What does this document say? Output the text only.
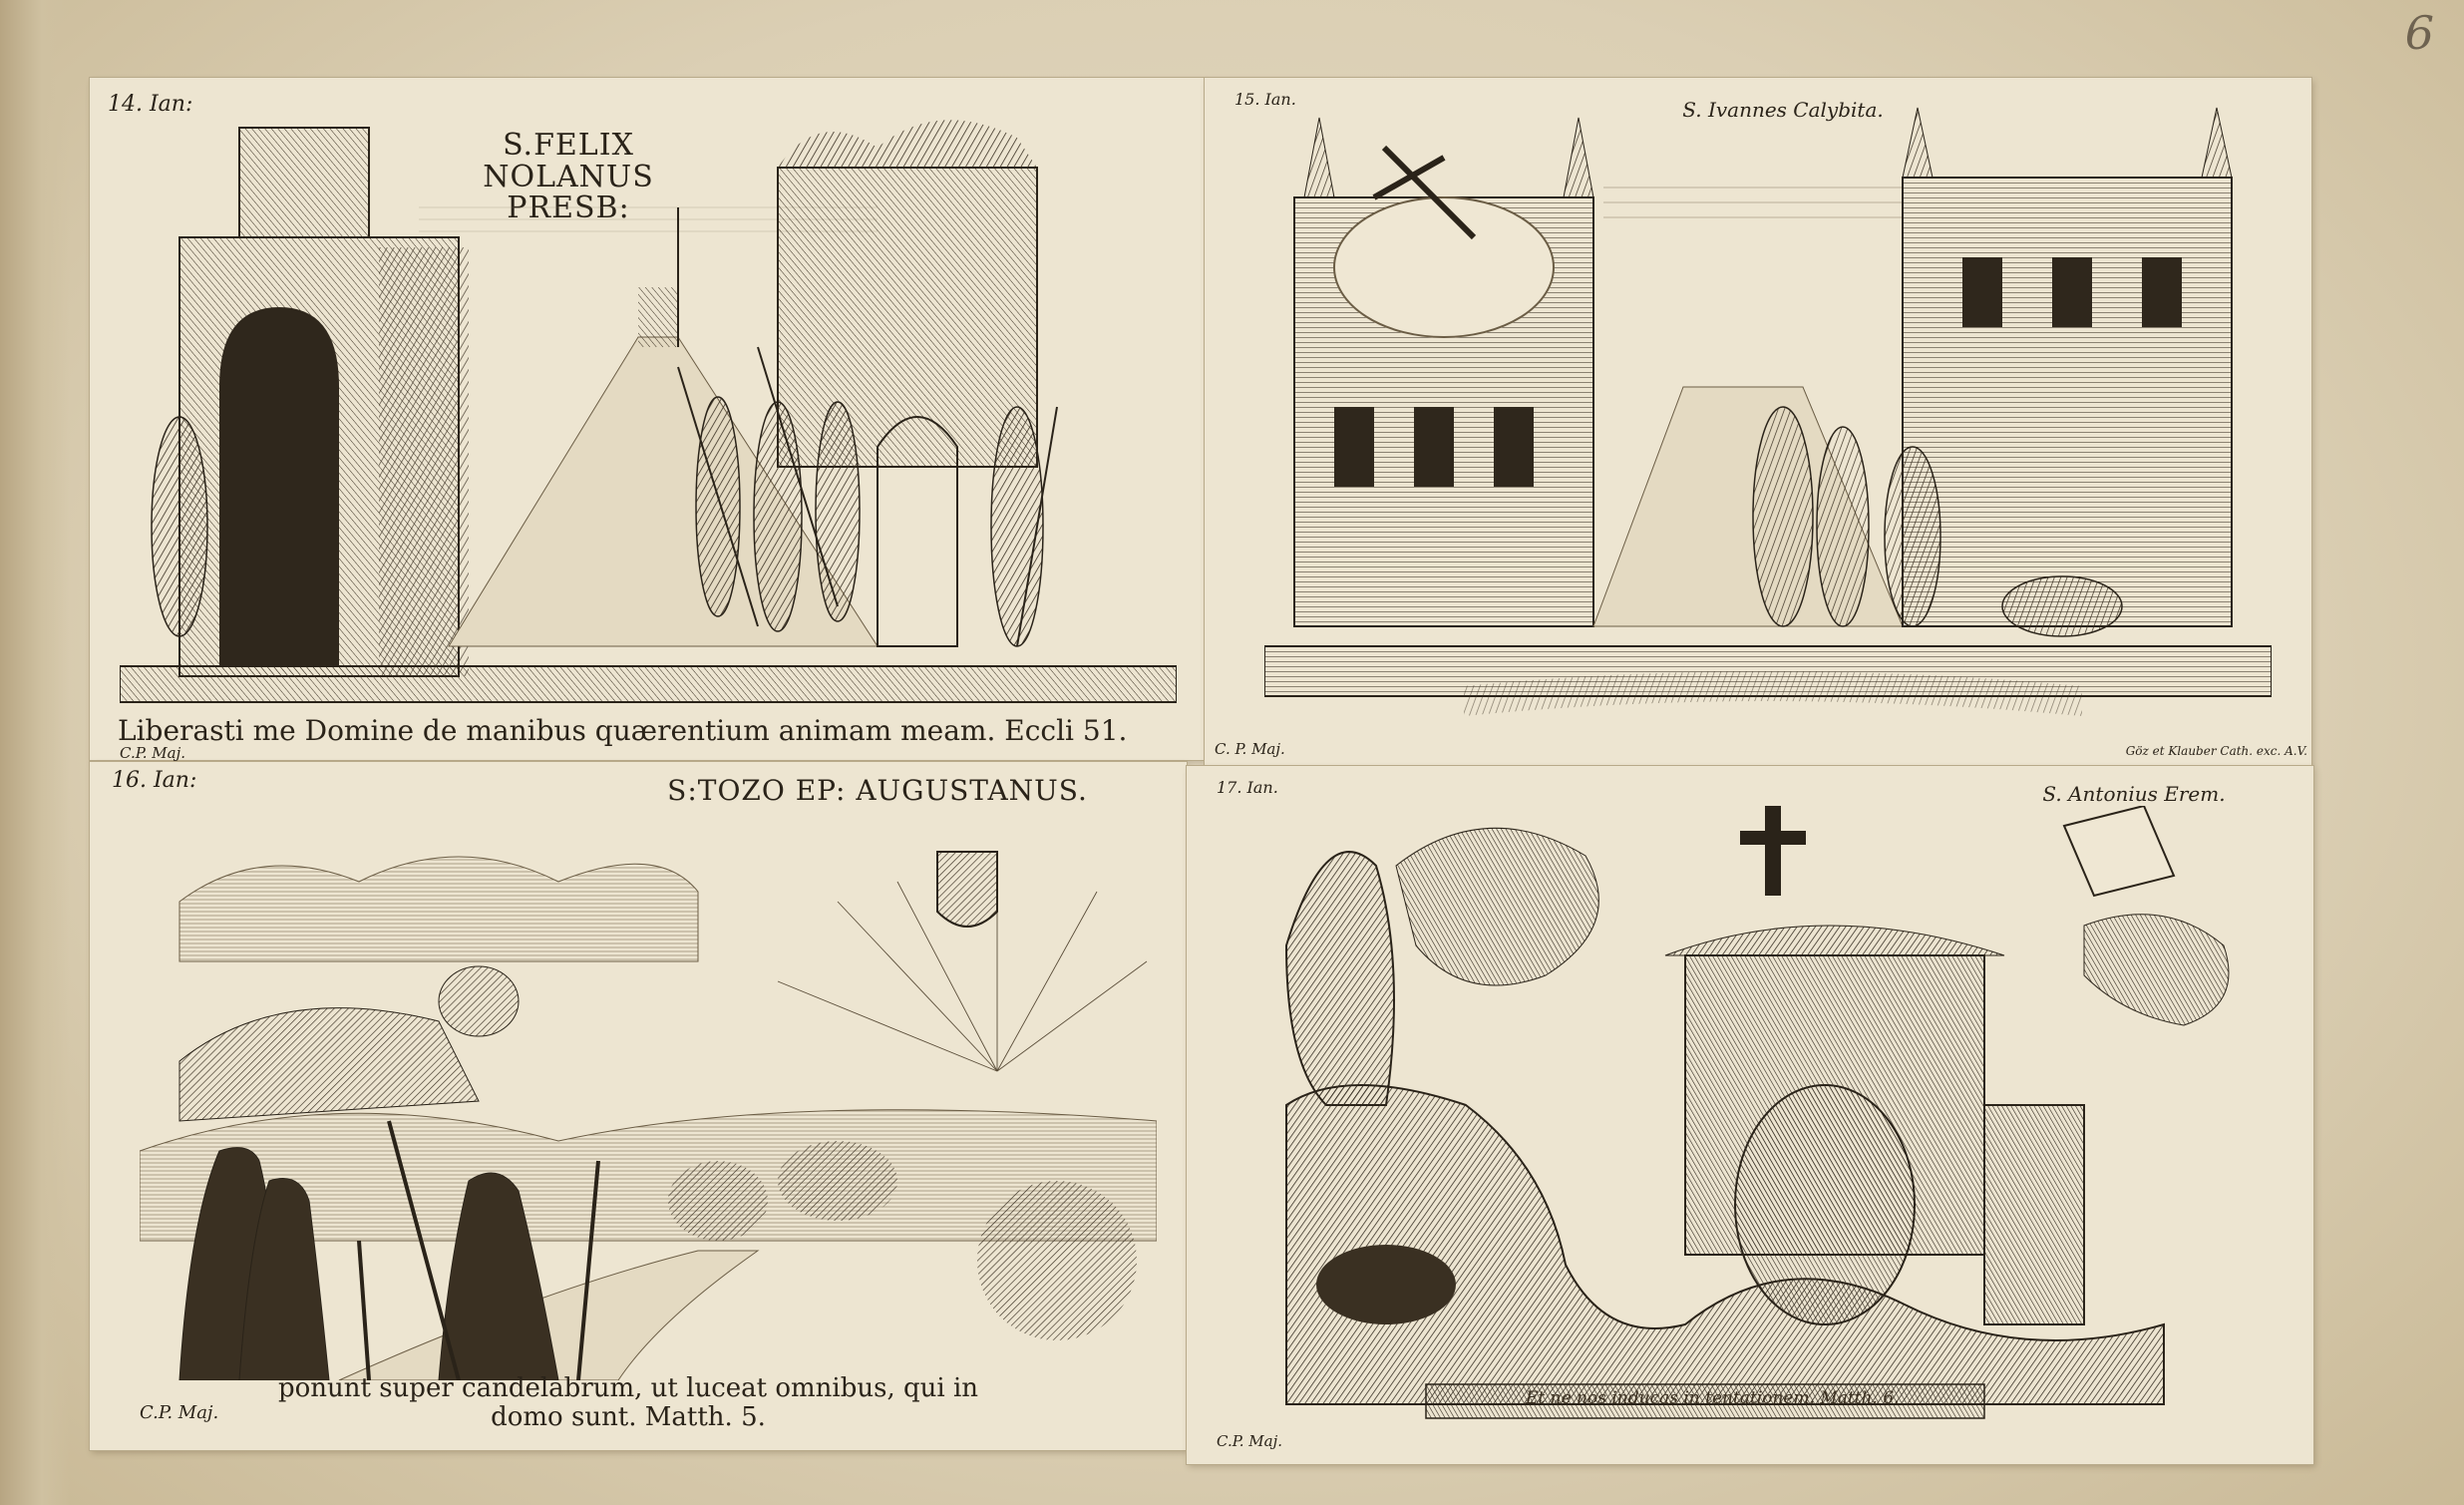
6
14. Ian:
S.FELIX NOLANUS PRESB:
Liberasti me Domine de manibus quærentium animam meam. Eccli 51.
C.P. Maj.
15. Ian.	S. Ivannes Calybita.
C. P. Maj.	Göz et Klauber Cath. exc. A.V.
16. Ian:	S:TOZO EP: AUGUSTANUS.
C.P. Maj.
ponunt super candelabrum, ut luceat omnibus, qui in domo sunt. Matth. 5.
17. Ian.	S. Antonius Erem.
Et ne nos inducas in tentationem. Matth. 6.
C.P. Maj.
